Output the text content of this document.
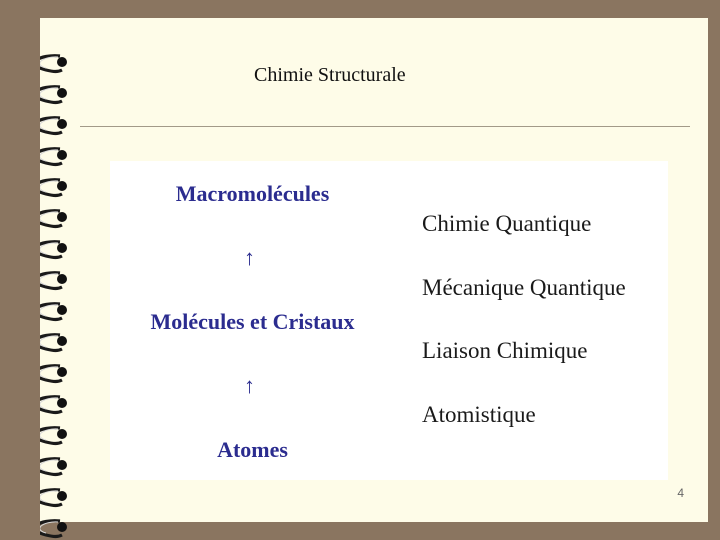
Chimie Structurale
Macromolécules
↑
Molécules et Cristaux
↑
Atomes
Chimie Quantique
Mécanique Quantique
Liaison Chimique
Atomistique
4
